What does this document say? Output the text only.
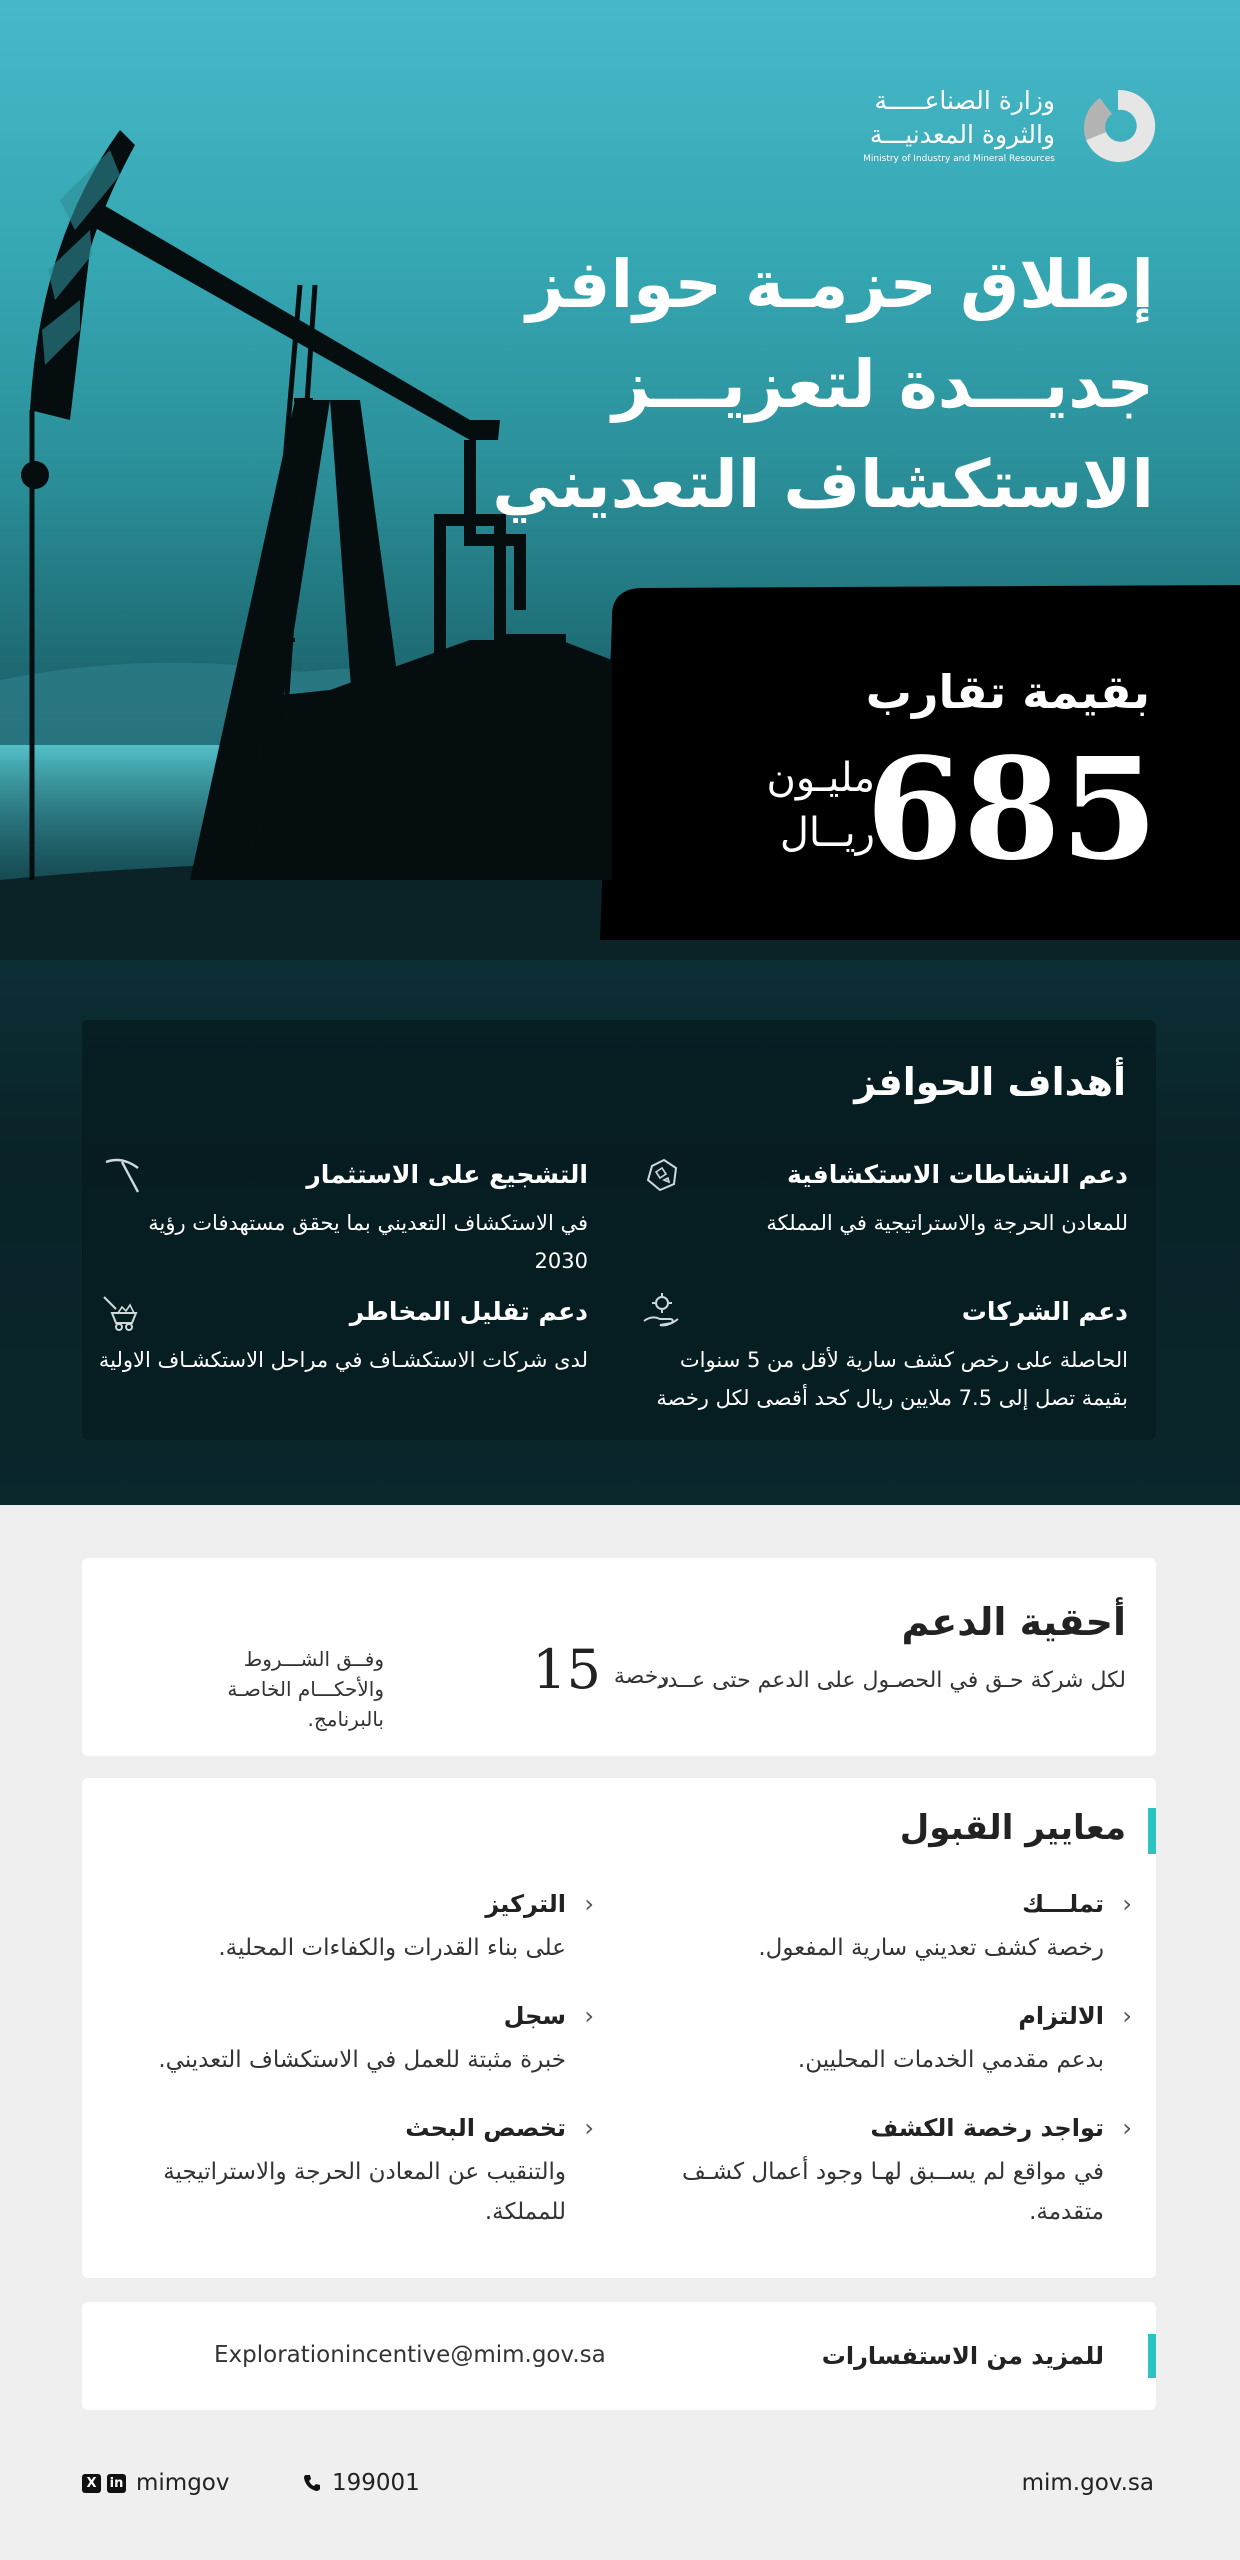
وزارة الصناعـــــة
والثروة المعدنيـــة
Ministry of Industry and Mineral Resources
إطلاق حزمـة حوافز
جديـــدة لتعزيـــز
الاستكشاف التعديني
بقيمة تقارب
685
مليـون
ريــال
أهداف الحوافز
دعم النشاطات الاستكشافية
للمعادن الحرجة والاستراتيجية في المملكة
التشجيع على الاستثمار
في الاستكشاف التعديني بما يحقق مستهدفات رؤية 2030
دعم الشركات
الحاصلة على رخص كشف سارية لأقل من 5 سنوات بقيمة تصل إلى 7.5 ملايين ريال كحد أقصى لكل رخصة
دعم تقليل المخاطر
لدى شركات الاستكشـاف في مراحل الاستكشـاف الاولية
أحقية الدعم
لكل شركة حـق في الحصـول على الدعم حتى عــدد
15 رخصة
وفــق الشـــروط والأحكـــام الخاصـة بالبرنامج.
معايير القبول
‹
تملـــك
رخصة كشف تعديني سارية المفعول.
‹
التركيز
على بناء القدرات والكفاءات المحلية.
‹
الالتزام
بدعم مقدمي الخدمات المحليين.
‹
سجل
خبرة مثبتة للعمل في الاستكشاف التعديني.
‹
تواجد رخصة الكشف
في مواقع لم يســبق لهـا وجود أعمال كشـف متقدمة.
‹
تخصص البحث
والتنقيب عن المعادن الحرجة والاستراتيجية للمملكة.
للمزيد من الاستفسارات
Explorationincentive@mim.gov.sa
X	in mimgov	199001	mim.gov.sa
